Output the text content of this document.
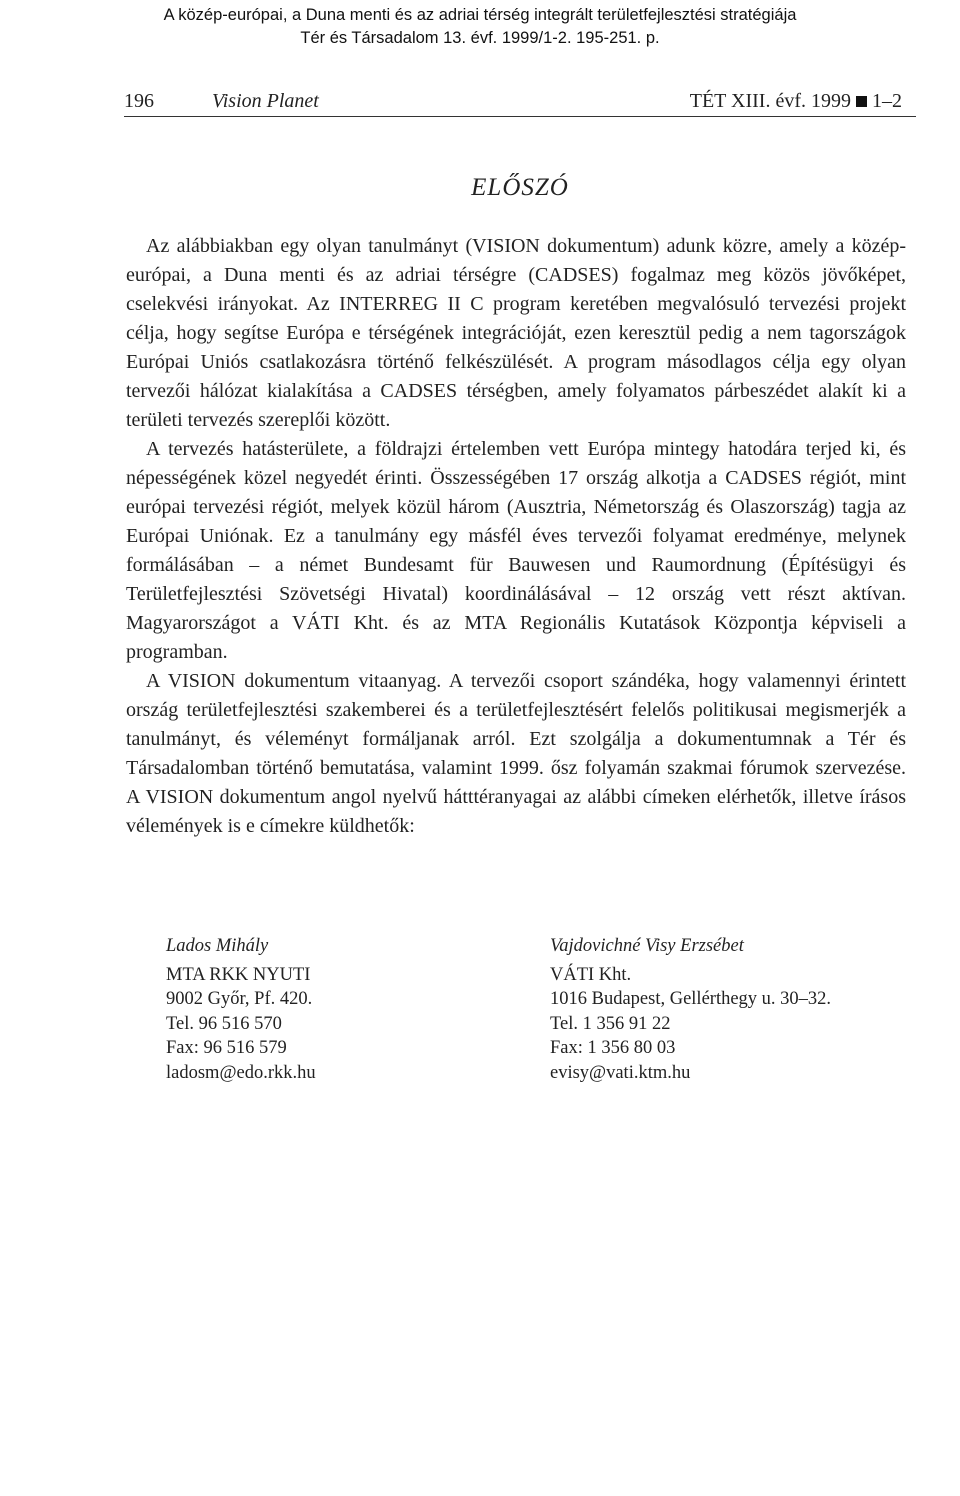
A közép-európai, a Duna menti és az adriai térség integrált területfejlesztési stratégiája
Tér és Társadalom 13. évf. 1999/1-2. 195-251. p.
196	Vision Planet	TÉT XIII. évf. 1999 1–2
ELŐSZÓ

Az alábbiakban egy olyan tanulmányt (VISION dokumentum) adunk közre, amely a közép-európai, a Duna menti és az adriai térségre (CADSES) fogalmaz meg közös jövőképet, cselekvési irányokat. Az INTERREG II C program keretében megvalósuló tervezési projekt célja, hogy segítse Európa e térségének integrációját, ezen keresztül pedig a nem tagországok Európai Uniós csatlakozásra történő felkészülését. A program másodlagos célja egy olyan tervezői hálózat kialakítása a CADSES térségben, amely folyamatos párbeszédet alakít ki a területi tervezés szereplői között.

A tervezés hatásterülete, a földrajzi értelemben vett Európa mintegy hatodára terjed ki, és népességének közel negyedét érinti. Összességében 17 ország alkotja a CADSES régiót, mint európai tervezési régiót, melyek közül három (Ausztria, Németország és Olaszország) tagja az Európai Uniónak. Ez a tanulmány egy másfél éves tervezői folyamat eredménye, melynek formálásában – a német Bundesamt für Bauwesen und Raumordnung (Építésügyi és Területfejlesztési Szövetségi Hivatal) koordinálásával – 12 ország vett részt aktívan. Magyarországot a VÁTI Kht. és az MTA Regionális Kutatások Központja képviseli a programban.

A VISION dokumentum vitaanyag. A tervezői csoport szándéka, hogy valamennyi érintett ország területfejlesztési szakemberei és a területfejlesztésért felelős politikusai megismerjék a tanulmányt, és véleményt formáljanak arról. Ezt szolgálja a dokumentumnak a Tér és Társadalomban történő bemutatása, valamint 1999. ősz folyamán szakmai fórumok szervezése. A VISION dokumentum angol nyelvű hátttéranyagai az alábbi címeken elérhetők, illetve írásos vélemények is e címekre küldhetők:

Lados Mihály
MTA RKK NYUTI
9002 Győr, Pf. 420.
Tel. 96 516 570
Fax: 96 516 579
ladosm@edo.rkk.hu
Vajdovichné Visy Erzsébet
VÁTI Kht.
1016 Budapest, Gellérthegy u. 30–32.
Tel. 1 356 91 22
Fax: 1 356 80 03
evisy@vati.ktm.hu
